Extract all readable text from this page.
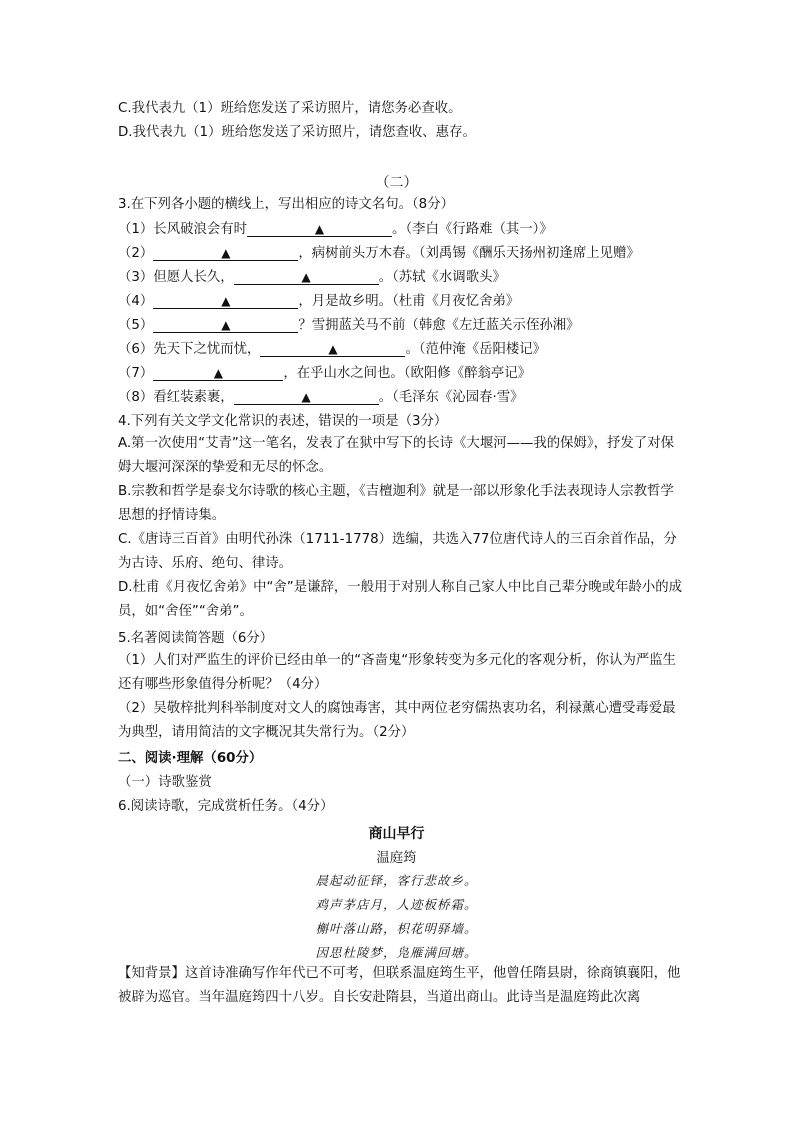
C.我代表九（1）班给您发送了采访照片，请您务必查收。
D.我代表九（1）班给您发送了采访照片，请您查收、惠存。
（二）
3.在下列各小题的横线上，写出相应的诗文名句。（8分）
（1）长风破浪会有时	▲	。（李白《行路难（其一）》
（2）	▲	，病树前头万木春。（刘禹锡《酬乐天扬州初逢席上见赠》
（3）但愿人长久，	▲	。（苏轼《水调歌头》
（4）	▲	，月是故乡明。（杜甫《月夜忆舍弟》
（5）	▲	？雪拥蓝关马不前（韩愈《左迁蓝关示侄孙湘》
（6）先天下之忧而忧，	▲	。（范仲淹《岳阳楼记》
（7）	▲	，在乎山水之间也。（欧阳修《醉翁亭记》
（8）看红装素裹，	▲	。（毛泽东《沁园春·雪》
4.下列有关文学文化常识的表述，错误的一项是（3分）
A.第一次使用“艾青”这一笔名，发表了在狱中写下的长诗《大堰河——我的保姆》，抒发了对保姆大堰河深深的挚爱和无尽的怀念。
B.宗教和哲学是泰戈尔诗歌的核心主题，《吉檀迦利》就是一部以形象化手法表现诗人宗教哲学思想的抒情诗集。
C.《唐诗三百首》由明代孙洙（1711-1778）选编，共选入77位唐代诗人的三百余首作品，分为古诗、乐府、绝句、律诗。
D.杜甫《月夜忆舍弟》中“舍”是谦辞，一般用于对别人称自己家人中比自己辈分晚或年龄小的成员，如“舍侄”“舍弟”。
5.名著阅读简答题（6分）
（1）人们对严监生的评价已经由单一的“吝啬鬼“形象转变为多元化的客观分析，你认为严监生还有哪些形象值得分析呢？（4分）
（2）吴敬梓批判科举制度对文人的腐蚀毒害，其中两位老穷儒热衷功名，利禄薰心遭受毒爱最为典型，请用简洁的文字概况其失常行为。（2分）
二、阅读·理解（60分）
（一）诗歌鉴赏
6.阅读诗歌，完成赏析任务。（4分）
商山早行
温庭筠
晨起动征铎，客行悲故乡。
鸡声茅店月，人迹板桥霜。
槲叶落山路，枳花明驿墙。
因思杜陵梦，凫雁满回塘。
【知背景】这首诗准确写作年代已不可考，但联系温庭筠生平，他曾任隋县尉，徐商镇襄阳，他被辟为巡官。当年温庭筠四十八岁。自长安赴隋县，当道出商山。此诗当是温庭筠此次离
